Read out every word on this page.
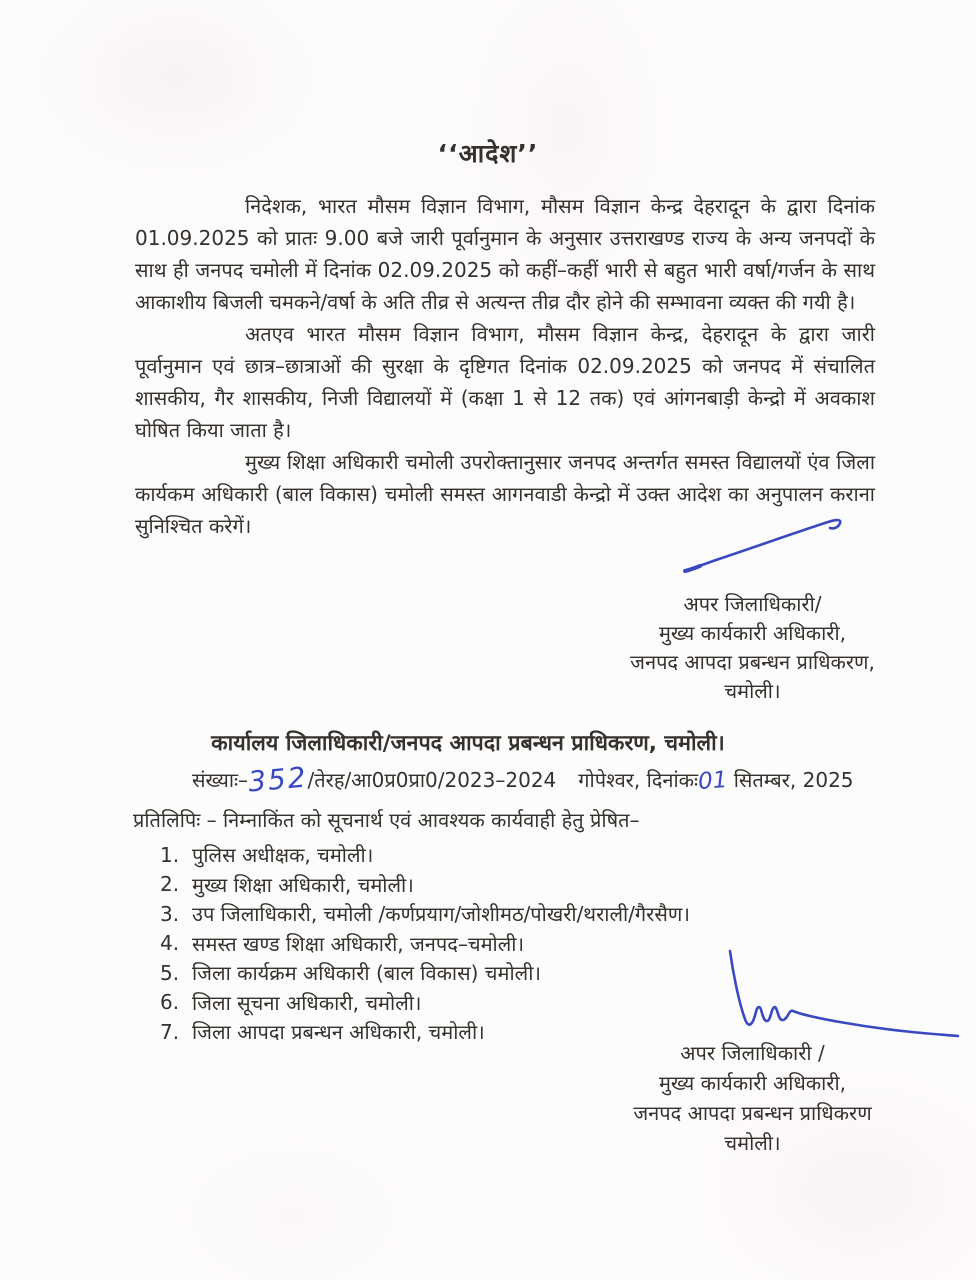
‘‘आदेश’’

निदेशक, भारत मौसम विज्ञान विभाग, मौसम विज्ञान केन्द्र देहरादून के द्वारा दिनांक 01.09.2025 को प्रातः 9.00 बजे जारी पूर्वानुमान के अनुसार उत्तराखण्ड राज्य के अन्य जनपदों के साथ ही जनपद चमोली में दिनांक 02.09.2025 को कहीं–कहीं भारी से बहुत भारी वर्षा/गर्जन के साथ आकाशीय बिजली चमकने/वर्षा के अति तीव्र से अत्यन्त तीव्र दौर होने की सम्भावना व्यक्त की गयी है।

अतएव भारत मौसम विज्ञान विभाग, मौसम विज्ञान केन्द्र, देहरादून के द्वारा जारी पूर्वानुमान एवं छात्र–छात्राओं की सुरक्षा के दृष्टिगत दिनांक 02.09.2025 को जनपद में संचालित शासकीय, गैर शासकीय, निजी विद्यालयों में (कक्षा 1 से 12 तक) एवं आंगनबाड़ी केन्द्रो में अवकाश घोषित किया जाता है।

मुख्य शिक्षा अधिकारी चमोली उपरोक्तानुसार जनपद अन्तर्गत समस्त विद्यालयों एंव जिला कार्यकम अधिकारी (बाल विकास) चमोली समस्त आगनवाडी केन्द्रो में उक्त आदेश का अनुपालन कराना सुनिश्चित करेगें।

अपर जिलाधिकारी/
मुख्य कार्यकारी अधिकारी,
जनपद आपदा प्रबन्धन प्राधिकरण,
चमोली।
कार्यालय जिलाधिकारी/जनपद आपदा प्रबन्धन प्राधिकरण, चमोली।
संख्याः–352/तेरह/आ0प्र0प्रा0/2023–2024 गोपेश्वर, दिनांकः01 सितम्बर, 2025
प्रतिलिपिः – निम्नाकिंत को सूचनार्थ एवं आवश्यक कार्यवाही हेतु प्रेषित–
1. पुलिस अधीक्षक, चमोली।
2. मुख्य शिक्षा अधिकारी, चमोली।
3. उप जिलाधिकारी, चमोली /कर्णप्रयाग/जोशीमठ/पोखरी/थराली/गैरसैण।
4. समस्त खण्ड शिक्षा अधिकारी, जनपद–चमोली।
5. जिला कार्यक्रम अधिकारी (बाल विकास) चमोली।
6. जिला सूचना अधिकारी, चमोली।
7. जिला आपदा प्रबन्धन अधिकारी, चमोली।
अपर जिलाधिकारी /
मुख्य कार्यकारी अधिकारी,
जनपद आपदा प्रबन्धन प्राधिकरण
चमोली।
